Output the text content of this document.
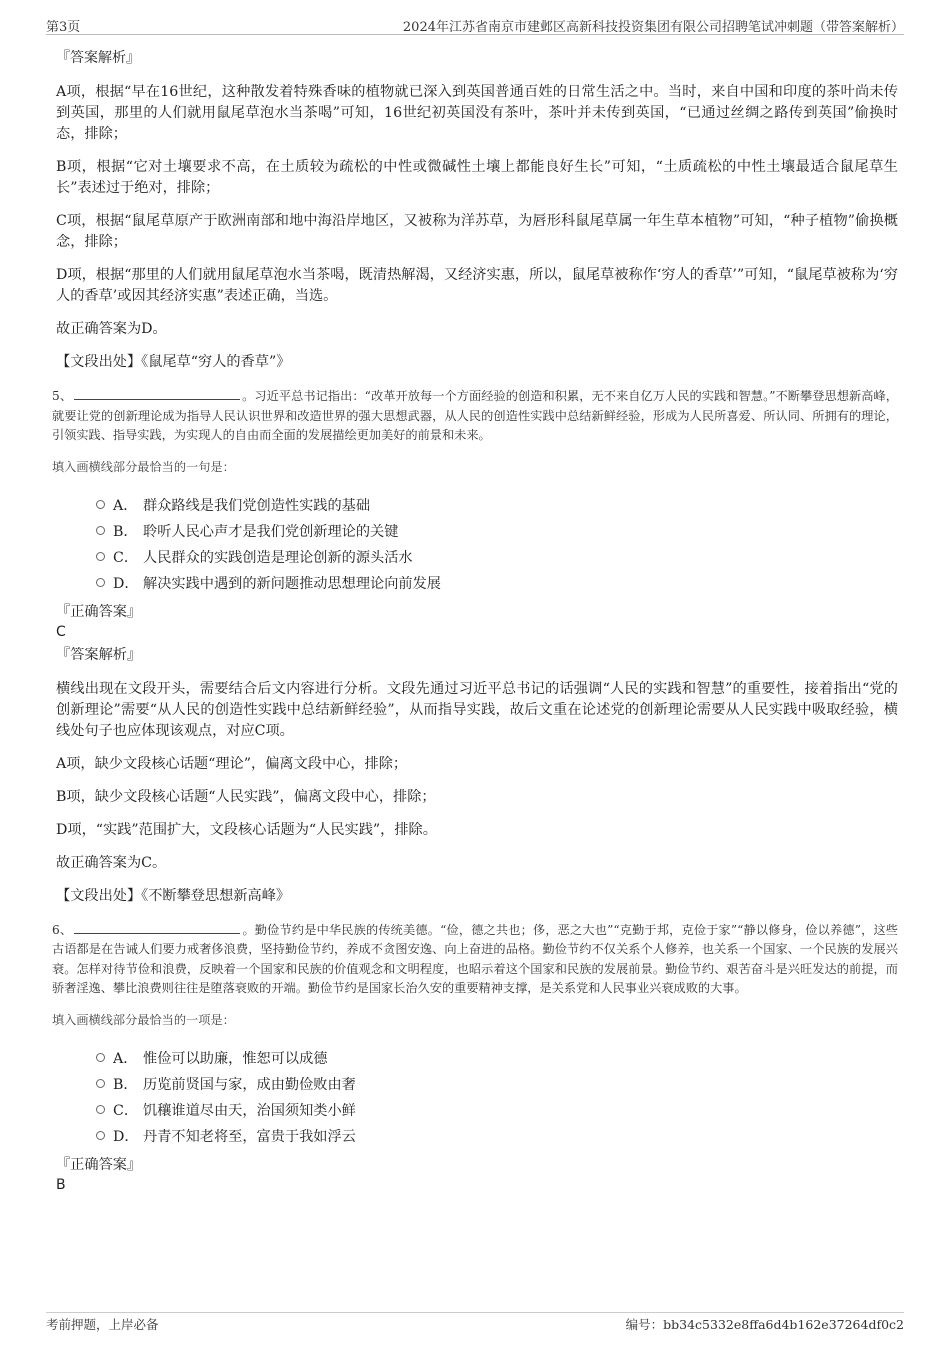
第3页	2024年江苏省南京市建邺区高新科技投资集团有限公司招聘笔试冲刺题（带答案解析）
『答案解析』
A项，根据“早在16世纪，这种散发着特殊香味的植物就已深入到英国普通百姓的日常生活之中。当时，来自中国和印度的茶叶尚未传到英国，那里的人们就用鼠尾草泡水当茶喝”可知，16世纪初英国没有茶叶，茶叶并未传到英国，“已通过丝绸之路传到英国”偷换时态，排除；
B项，根据“它对土壤要求不高，在土质较为疏松的中性或微碱性土壤上都能良好生长”可知，“土质疏松的中性土壤最适合鼠尾草生长”表述过于绝对，排除；
C项，根据“鼠尾草原产于欧洲南部和地中海沿岸地区，又被称为洋苏草，为唇形科鼠尾草属一年生草本植物”可知，“种子植物”偷换概念，排除；
D项，根据“那里的人们就用鼠尾草泡水当茶喝，既清热解渴，又经济实惠，所以，鼠尾草被称作‘穷人的香草’”可知，“鼠尾草被称为‘穷人的香草’或因其经济实惠”表述正确，当选。
故正确答案为D。
【文段出处】《鼠尾草“穷人的香草”》
5、	。习近平总书记指出：“改革开放每一个方面经验的创造和积累，无不来自亿万人民的实践和智慧。”不断攀登思想新高峰，就要让党的创新理论成为指导人民认识世界和改造世界的强大思想武器，从人民的创造性实践中总结新鲜经验，形成为人民所喜爱、所认同、所拥有的理论，引领实践、指导实践，为实现人的自由而全面的发展描绘更加美好的前景和未来。
填入画横线部分最恰当的一句是：
A． 群众路线是我们党创造性实践的基础
B． 聆听人民心声才是我们党创新理论的关键
C． 人民群众的实践创造是理论创新的源头活水
D． 解决实践中遇到的新问题推动思想理论向前发展
『正确答案』
C
『答案解析』
横线出现在文段开头，需要结合后文内容进行分析。文段先通过习近平总书记的话强调“人民的实践和智慧”的重要性，接着指出“党的创新理论”需要“从人民的创造性实践中总结新鲜经验”，从而指导实践，故后文重在论述党的创新理论需要从人民实践中吸取经验，横线处句子也应体现该观点，对应C项。
A项，缺少文段核心话题“理论”，偏离文段中心，排除；
B项，缺少文段核心话题“人民实践”，偏离文段中心，排除；
D项，“实践”范围扩大，文段核心话题为“人民实践”，排除。
故正确答案为C。
【文段出处】《不断攀登思想新高峰》
6、	。勤俭节约是中华民族的传统美德。“俭，德之共也；侈，恶之大也”“克勤于邦，克俭于家”“静以修身，俭以养德”，这些古语都是在告诫人们要力戒奢侈浪费，坚持勤俭节约，养成不贪图安逸、向上奋进的品格。勤俭节约不仅关系个人修养，也关系一个国家、一个民族的发展兴衰。怎样对待节俭和浪费，反映着一个国家和民族的价值观念和文明程度，也昭示着这个国家和民族的发展前景。勤俭节约、艰苦奋斗是兴旺发达的前提，而骄奢淫逸、攀比浪费则往往是堕落衰败的开端。勤俭节约是国家长治久安的重要精神支撑，是关系党和人民事业兴衰成败的大事。
填入画横线部分最恰当的一项是：
A． 惟俭可以助廉，惟恕可以成德
B． 历览前贤国与家，成由勤俭败由奢
C． 饥穰谁道尽由天，治国须知类小鲜
D． 丹青不知老将至，富贵于我如浮云
『正确答案』
B
考前押题，上岸必备	编号：bb34c5332e8ffa6d4b162e37264df0c2
